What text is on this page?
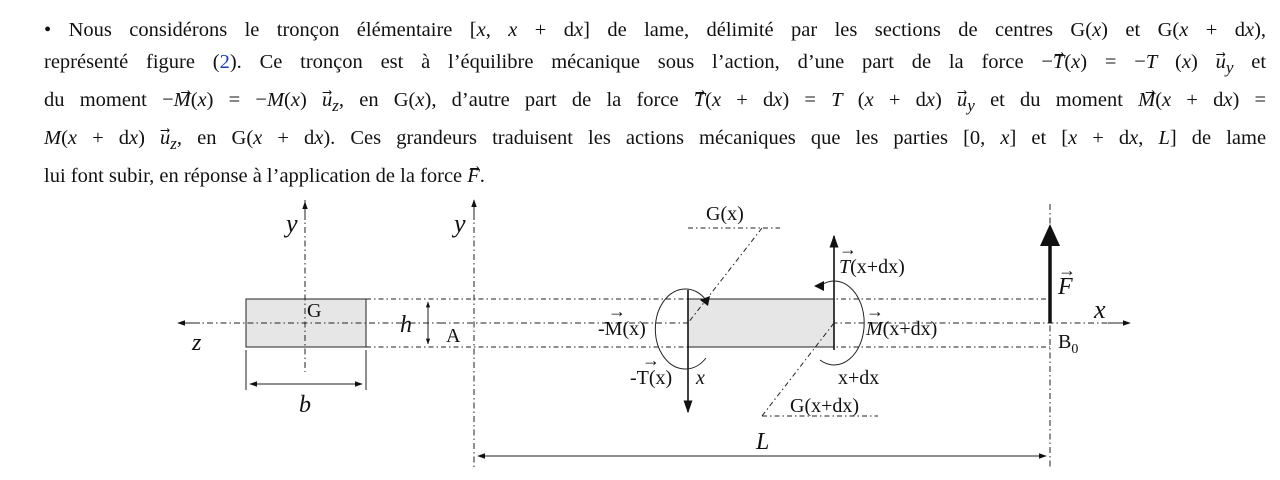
• Nous considérons le tronçon élémentaire [x, x + dx] de lame, délimité par les sections de centres G(x) et G(x + dx),
représenté figure (2). Ce tronçon est à l’équilibre mécanique sous l’action, d’une part de la force −T(x) = −T (x) $u_y$ et
du moment −M(x) = −M(x) $u_z$, en G(x), d’autre part de la force T(x + dx) = T (x + dx) $u_y$ et du moment M(x + dx) =
M(x + dx) $u_z$, en G(x + dx). Ces grandeurs traduisent les actions mécaniques que les parties [0, x] et [x + dx, L] de lame
lui font subir, en réponse à l’application de la force F.
y
G
z
b
h
y
A
x
G(x)
T(x+dx)
→
-T(x)
→
-M(x)
→
M(x+dx)
→
x	x+dx
G(x+dx)
F
→
$B_0$
L
